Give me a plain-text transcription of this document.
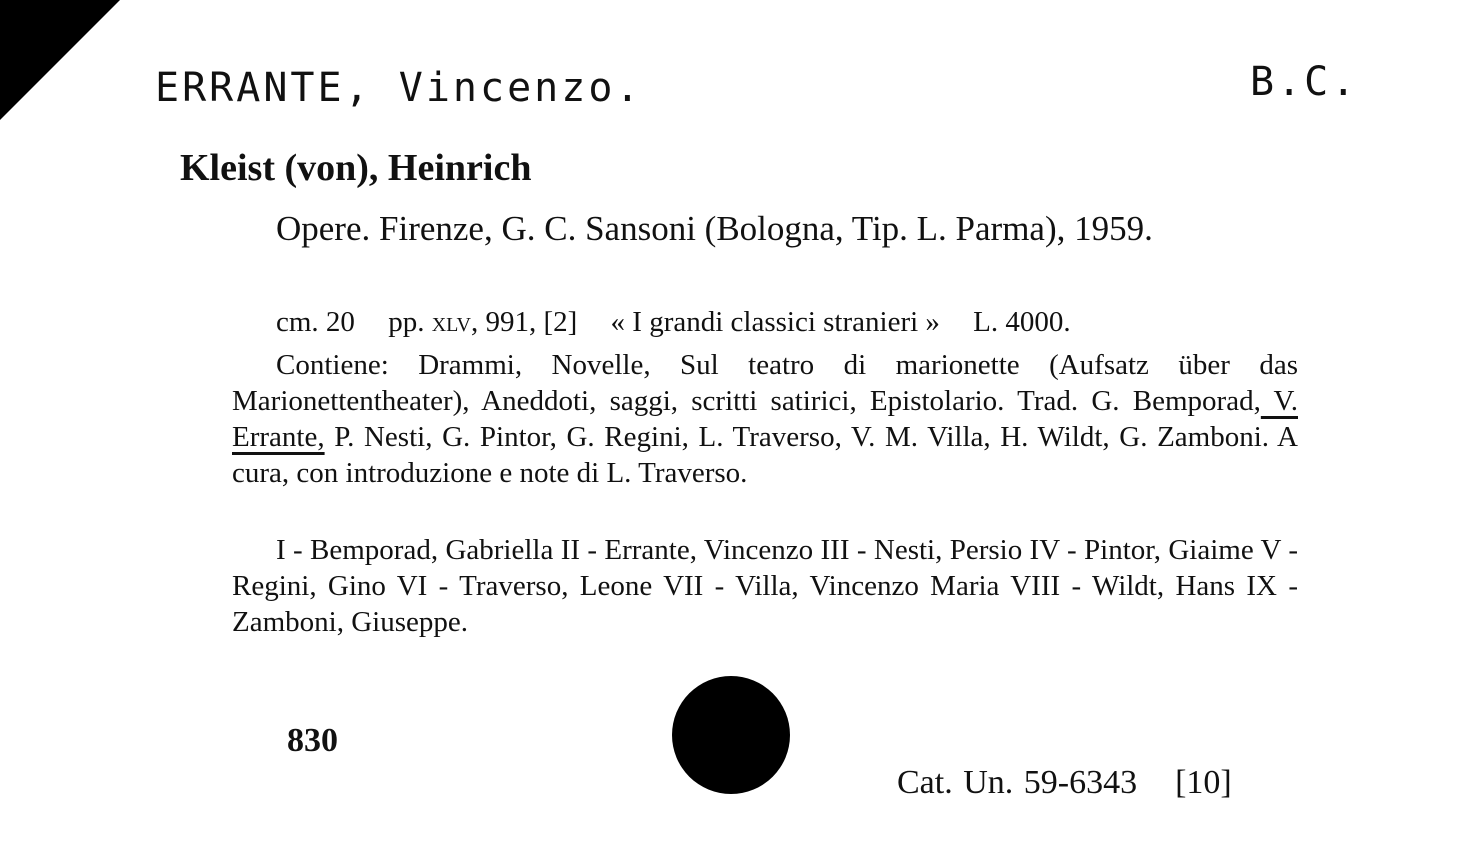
ERRANTE, Vincenzo.	B.C.
Kleist (von), Heinrich
Opere. Firenze, G. C. Sansoni (Bologna, Tip. L. Parma), 1959.
cm. 20 pp. xlv, 991, [2] « I grandi classici stranieri » L. 4000.
Contiene: Drammi, Novelle, Sul teatro di marionette (Aufsatz über das Marionettentheater), Aneddoti, saggi, scritti satirici, Epistolario. Trad. G. Bemporad, V. Errante, P. Nesti, G. Pintor, G. Regini, L. Traverso, V. M. Villa, H. Wildt, G. Zamboni. A cura, con introduzione e note di L. Traverso.
I - Bemporad, Gabriella II - Errante, Vincenzo III - Nesti, Persio IV - Pintor, Giaime V - Regini, Gino VI - Traverso, Leone VII - Villa, Vincenzo Maria VIII - Wildt, Hans IX - Zamboni, Giuseppe.
830
Cat. Un. 59-6343 [10]
